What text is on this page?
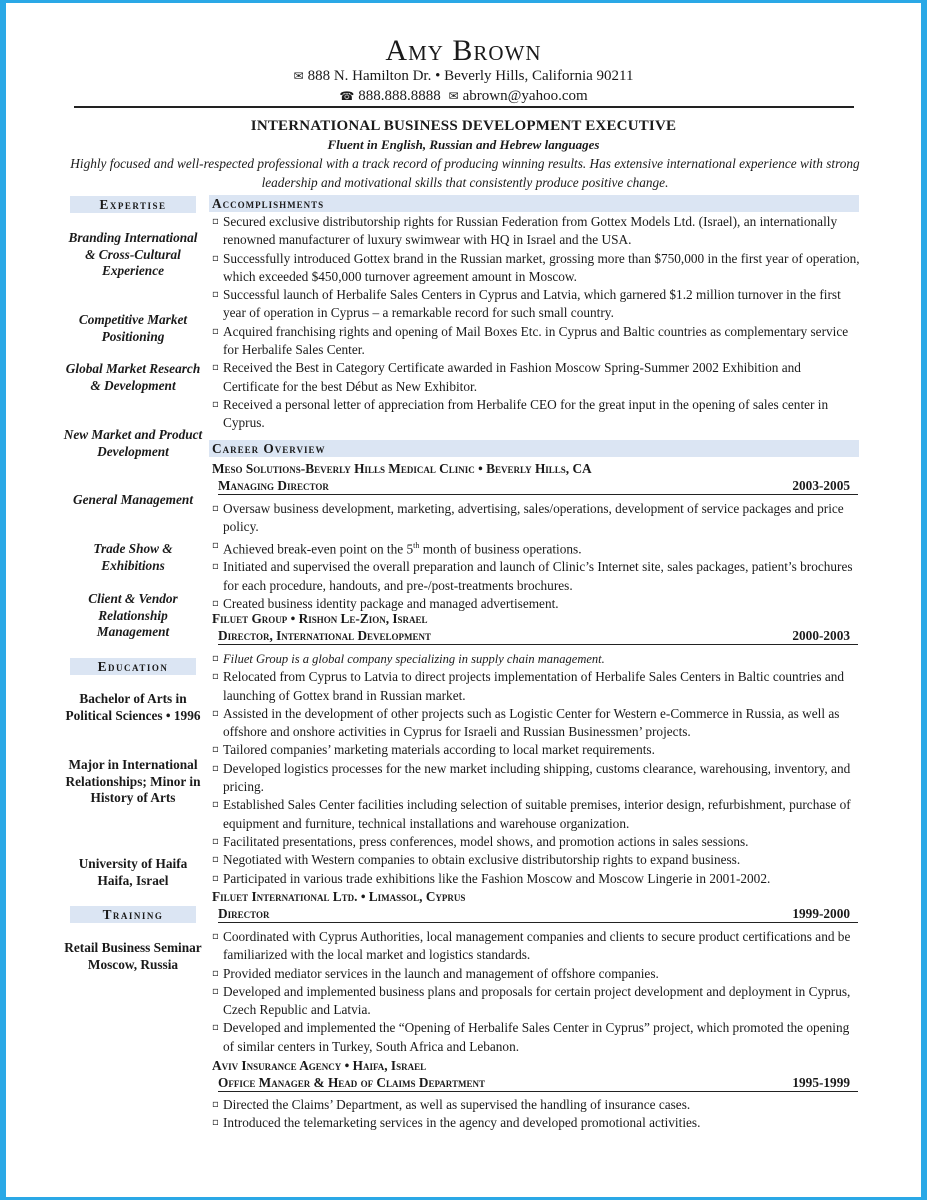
Amy Brown
✉ 888 N. Hamilton Dr. • Beverly Hills, California 90211
☎ 888.888.8888 ✉ abrown@yahoo.com
INTERNATIONAL BUSINESS DEVELOPMENT EXECUTIVE
Fluent in English, Russian and Hebrew languages
Highly focused and well-respected professional with a track record of producing winning results. Has extensive international experience with strong leadership and motivational skills that consistently produce positive change.
Expertise
Branding International & Cross-Cultural Experience
Competitive Market Positioning
Global Market Research & Development
New Market and Product Development
General Management
Trade Show & Exhibitions
Client & Vendor Relationship Management
Education
Bachelor of Arts in Political Sciences • 1996
Major in International Relationships; Minor in History of Arts
University of Haifa Haifa, Israel
Training
Retail Business Seminar Moscow, Russia
Accomplishments
▫ Secured exclusive distributorship rights for Russian Federation from Gottex Models Ltd. (Israel), an internationally renowned manufacturer of luxury swimwear with HQ in Israel and the USA.
▫ Successfully introduced Gottex brand in the Russian market, grossing more than $750,000 in the first year of operation, which exceeded $450,000 turnover agreement amount in Moscow.
▫ Successful launch of Herbalife Sales Centers in Cyprus and Latvia, which garnered $1.2 million turnover in the first year of operation in Cyprus – a remarkable record for such small country.
▫ Acquired franchising rights and opening of Mail Boxes Etc. in Cyprus and Baltic countries as complementary service for Herbalife Sales Center.
▫ Received the Best in Category Certificate awarded in Fashion Moscow Spring-Summer 2002 Exhibition and Certificate for the best Début as New Exhibitor.
▫ Received a personal letter of appreciation from Herbalife CEO for the great input in the opening of sales center in Cyprus.
Career Overview
Meso Solutions-Beverly Hills Medical Clinic • Beverly Hills, CA
Managing Director	2003-2005
▫ Oversaw business development, marketing, advertising, sales/operations, development of service packages and price policy.
▫ Achieved break-even point on the 5th month of business operations.
▫ Initiated and supervised the overall preparation and launch of Clinic’s Internet site, sales packages, patient’s brochures for each procedure, handouts, and pre-/post-treatments brochures.
▫ Created business identity package and managed advertisement.
Filuet Group • Rishon Le-Zion, Israel
Director, International Development	2000-2003
▫ Filuet Group is a global company specializing in supply chain management.
▫ Relocated from Cyprus to Latvia to direct projects implementation of Herbalife Sales Centers in Baltic countries and launching of Gottex brand in Russian market.
▫ Assisted in the development of other projects such as Logistic Center for Western e-Commerce in Russia, as well as offshore and onshore activities in Cyprus for Israeli and Russian Businessmen’ projects.
▫ Tailored companies’ marketing materials according to local market requirements.
▫ Developed logistics processes for the new market including shipping, customs clearance, warehousing, inventory, and pricing.
▫ Established Sales Center facilities including selection of suitable premises, interior design, refurbishment, purchase of equipment and furniture, technical installations and warehouse organization.
▫ Facilitated presentations, press conferences, model shows, and promotion actions in sales sessions.
▫ Negotiated with Western companies to obtain exclusive distributorship rights to expand business.
▫ Participated in various trade exhibitions like the Fashion Moscow and Moscow Lingerie in 2001-2002.
Filuet International Ltd. • Limassol, Cyprus
Director	1999-2000
▫ Coordinated with Cyprus Authorities, local management companies and clients to secure product certifications and be familiarized with the local market and logistics standards.
▫ Provided mediator services in the launch and management of offshore companies.
▫ Developed and implemented business plans and proposals for certain project development and deployment in Cyprus, Czech Republic and Latvia.
▫ Developed and implemented the “Opening of Herbalife Sales Center in Cyprus” project, which promoted the opening of similar centers in Turkey, South Africa and Lebanon.
Aviv Insurance Agency • Haifa, Israel
Office Manager & Head of Claims Department	1995-1999
▫ Directed the Claims’ Department, as well as supervised the handling of insurance cases.
▫ Introduced the telemarketing services in the agency and developed promotional activities.
